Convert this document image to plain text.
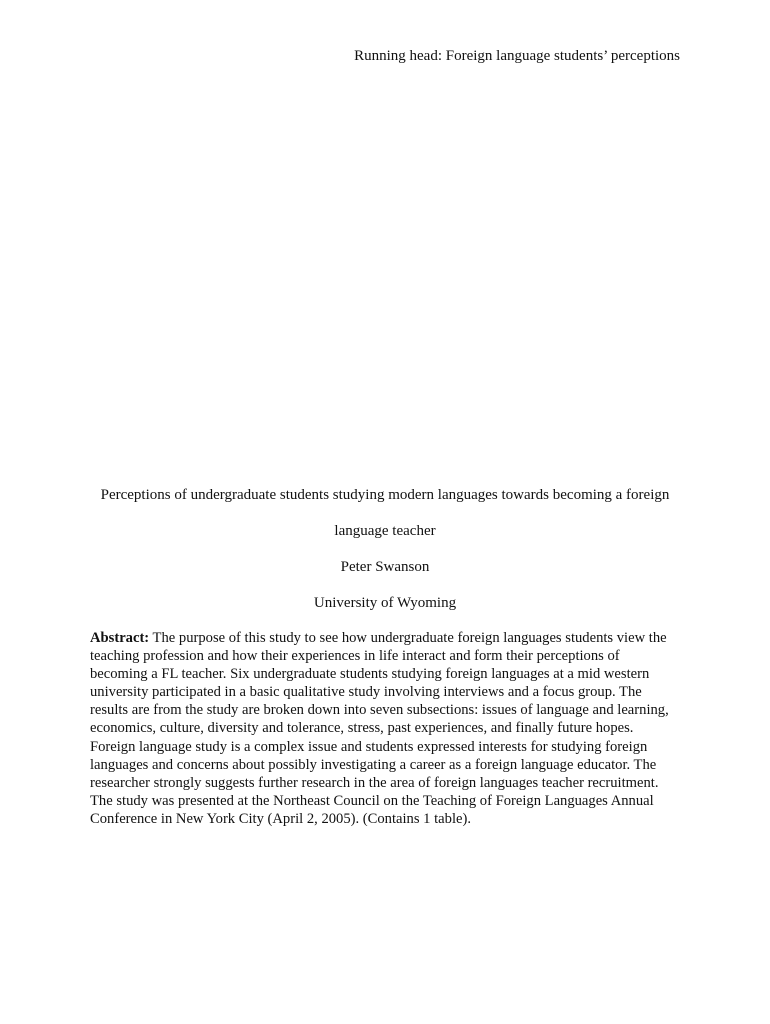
Running head: Foreign language students’ perceptions

Perceptions of undergraduate students studying modern languages towards becoming a foreign

language teacher

Peter Swanson

University of Wyoming

Abstract: The purpose of this study to see how undergraduate foreign languages students view the teaching profession and how their experiences in life interact and form their perceptions of becoming a FL teacher. Six undergraduate students studying foreign languages at a mid western university participated in a basic qualitative study involving interviews and a focus group. The results are from the study are broken down into seven subsections: issues of language and learning, economics, culture, diversity and tolerance, stress, past experiences, and finally future hopes. Foreign language study is a complex issue and students expressed interests for studying foreign languages and concerns about possibly investigating a career as a foreign language educator. The researcher strongly suggests further research in the area of foreign languages teacher recruitment. The study was presented at the Northeast Council on the Teaching of Foreign Languages Annual Conference in New York City (April 2, 2005). (Contains 1 table).
